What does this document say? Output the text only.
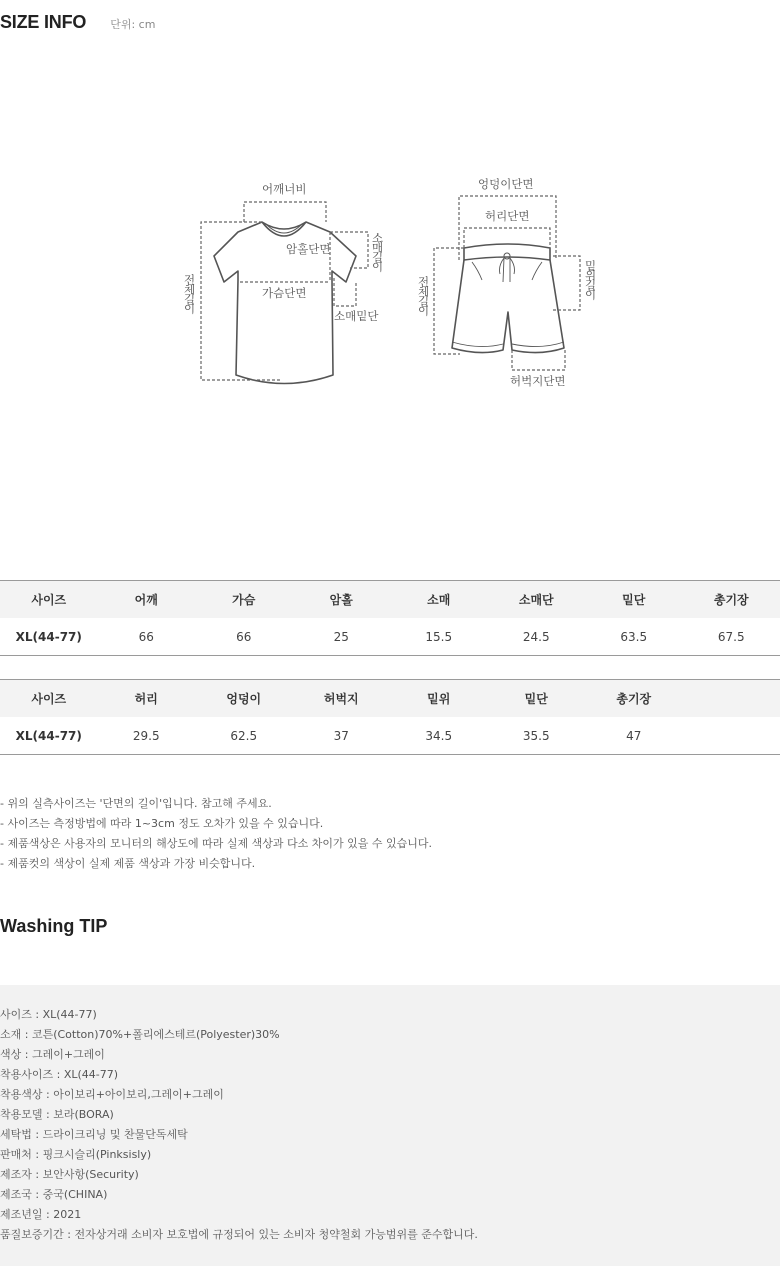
SIZE INFO 단위: cm
어깨너비
암홀단면
가슴단면
소매길이
소매밑단
전체길이
엉덩이단면
허리단면
밑위길이
전체길이
허벅지단면
사이즈	어깨	가슴	암홀	소매	소매단	밑단	총기장
XL(44-77)	66	66	25	15.5	24.5	63.5	67.5
사이즈	허리	엉덩이	허벅지	밑위	밑단	총기장	
XL(44-77)	29.5	62.5	37	34.5	35.5	47	
- 위의 실측사이즈는 '단면의 길이'입니다. 참고해 주세요.
- 사이즈는 측정방법에 따라 1~3cm 정도 오차가 있을 수 있습니다.
- 제품색상은 사용자의 모니터의 해상도에 따라 실제 색상과 다소 차이가 있을 수 있습니다.
- 제품컷의 색상이 실제 제품 색상과 가장 비슷합니다.
Washing TIP
사이즈 : XL(44-77)
소재 : 코튼(Cotton)70%+폴리에스테르(Polyester)30%
색상 : 그레이+그레이
착용사이즈 : XL(44-77)
착용색상 : 아이보리+아이보리,그레이+그레이
착용모델 : 보라(BORA)
세탁법 : 드라이크리닝 및 찬물단독세탁
판매처 : 핑크시슬리(Pinksisly)
제조자 : 보안사항(Security)
제조국 : 중국(CHINA)
제조년일 : 2021
품질보증기간 : 전자상거래 소비자 보호법에 규정되어 있는 소비자 청약철회 가능범위를 준수합니다.
